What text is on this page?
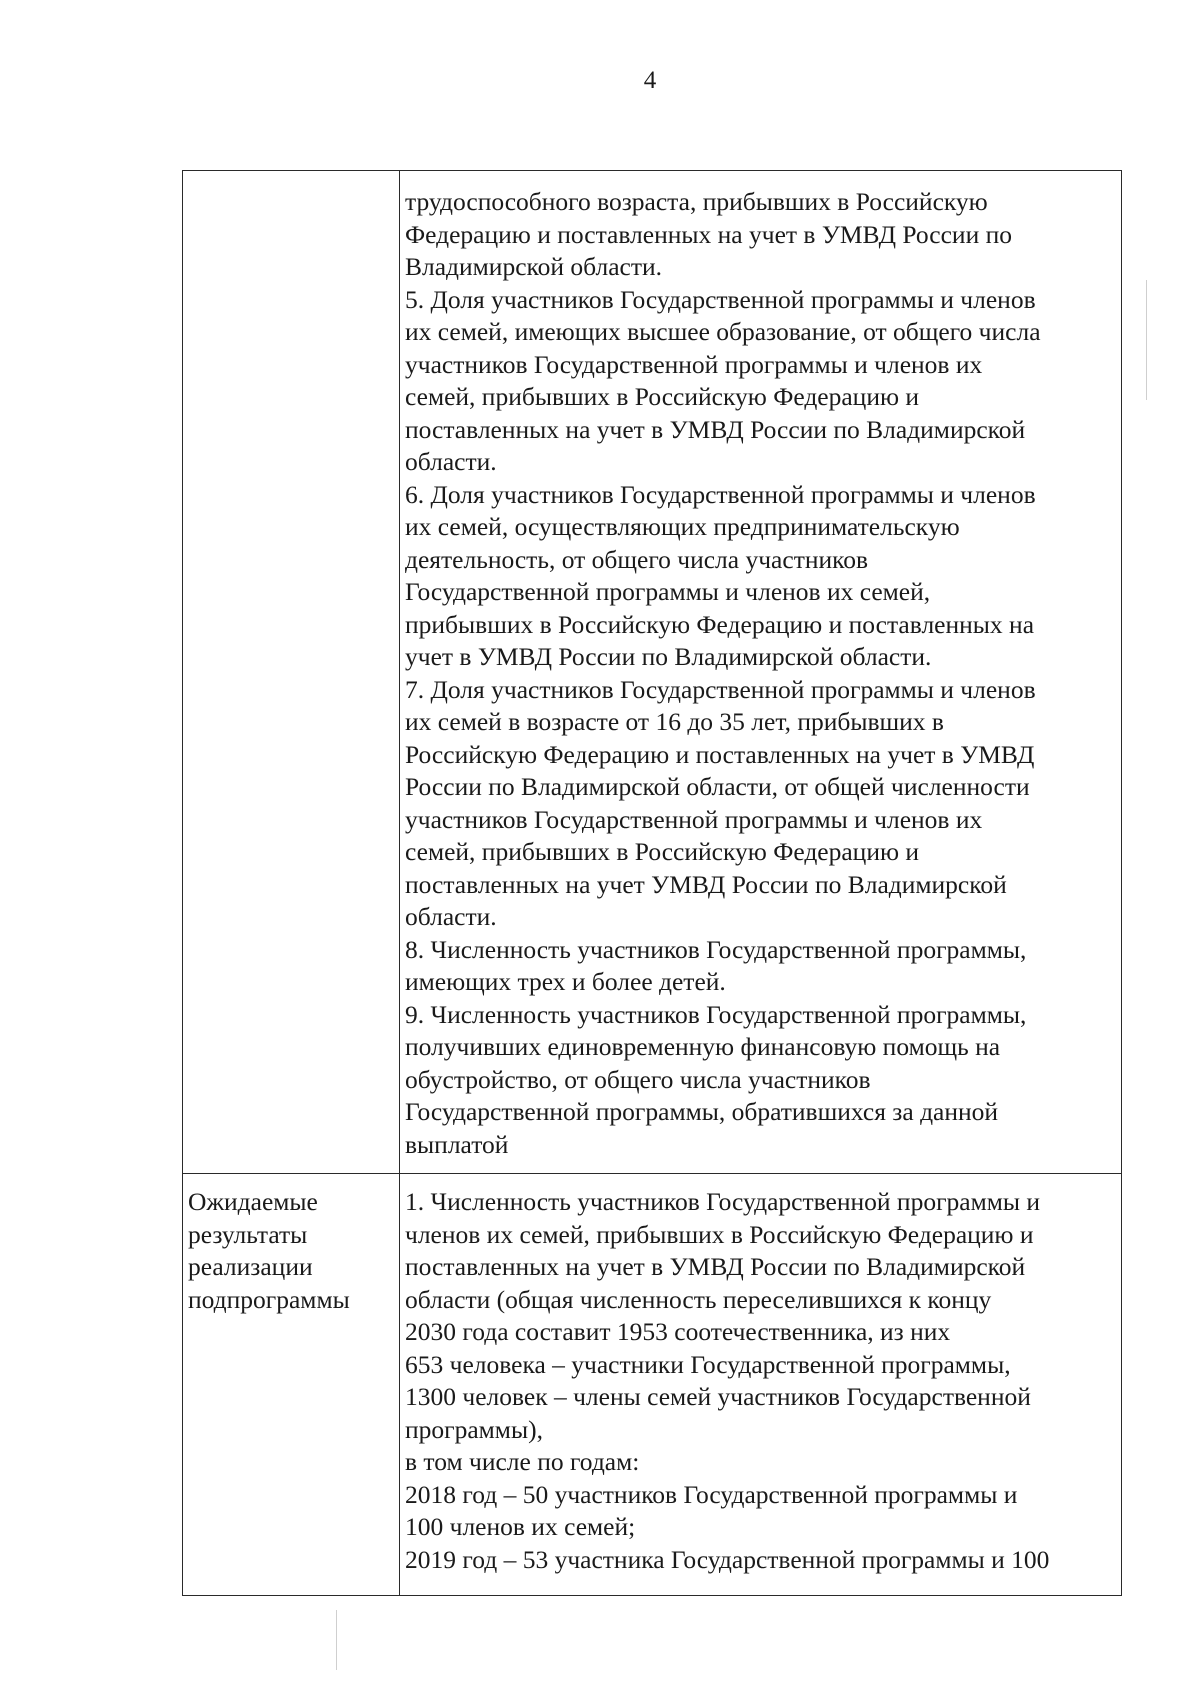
4
трудоспособного возраста, прибывших в Российскую
Федерацию и поставленных на учет в УМВД России по
Владимирской области.
5. Доля участников Государственной программы и членов
их семей, имеющих высшее образование, от общего числа
участников Государственной программы и членов их
семей, прибывших в Российскую Федерацию и
поставленных на учет в УМВД России по Владимирской
области.
6. Доля участников Государственной программы и членов
их семей, осуществляющих предпринимательскую
деятельность, от общего числа участников
Государственной программы и членов их семей,
прибывших в Российскую Федерацию и поставленных на
учет в УМВД России по Владимирской области.
7. Доля участников Государственной программы и членов
их семей в возрасте от 16 до 35 лет, прибывших в
Российскую Федерацию и поставленных на учет в УМВД
России по Владимирской области, от общей численности
участников Государственной программы и членов их
семей, прибывших в Российскую Федерацию и
поставленных на учет УМВД России по Владимирской
области.
8. Численность участников Государственной программы,
имеющих трех и более детей.
9. Численность участников Государственной программы,
получивших единовременную финансовую помощь на
обустройство, от общего числа участников
Государственной программы, обратившихся за данной
выплатой
Ожидаемые
результаты
реализации
подпрограммы
1. Численность участников Государственной программы и
членов их семей, прибывших в Российскую Федерацию и
поставленных на учет в УМВД России по Владимирской
области (общая численность переселившихся к концу
2030 года составит 1953 соотечественника, из них
653 человека – участники Государственной программы,
1300 человек – члены семей участников Государственной
программы),
в том числе по годам:
2018 год – 50 участников Государственной программы и
100 членов их семей;
2019 год – 53 участника Государственной программы и 100
